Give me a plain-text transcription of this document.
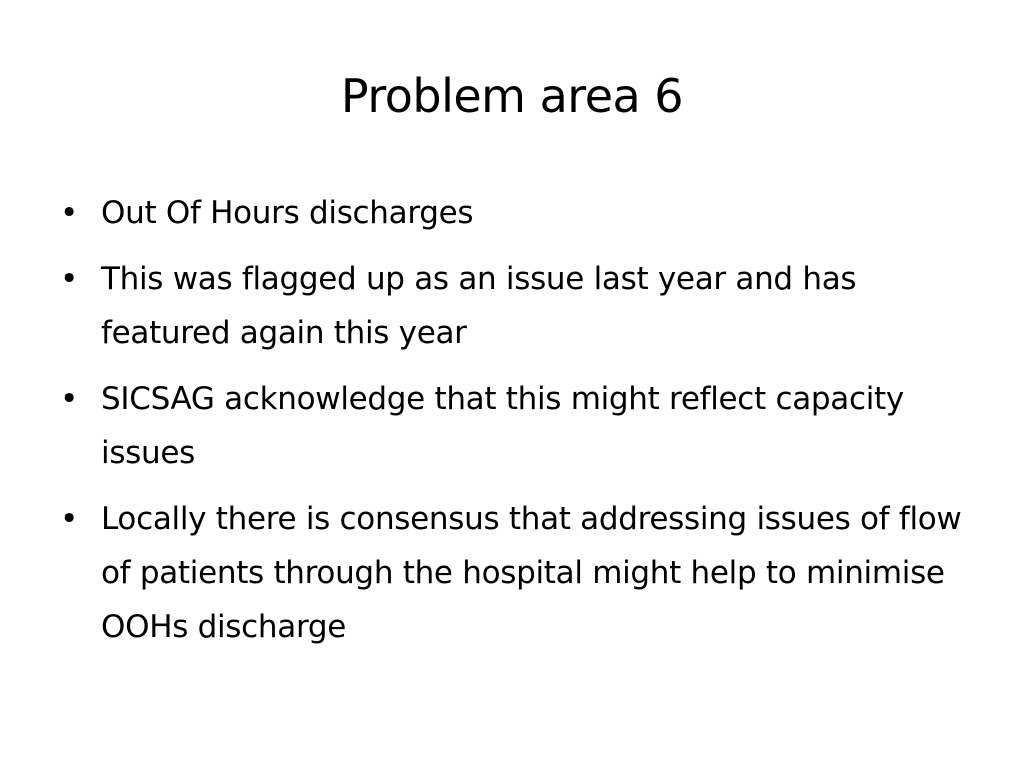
Problem area 6
• Out Of Hours discharges
• This was flagged up as an issue last year and has featured again this year
• SICSAG acknowledge that this might reflect capacity issues
• Locally there is consensus that addressing issues of flow of patients through the hospital might help to minimise OOHs discharge
